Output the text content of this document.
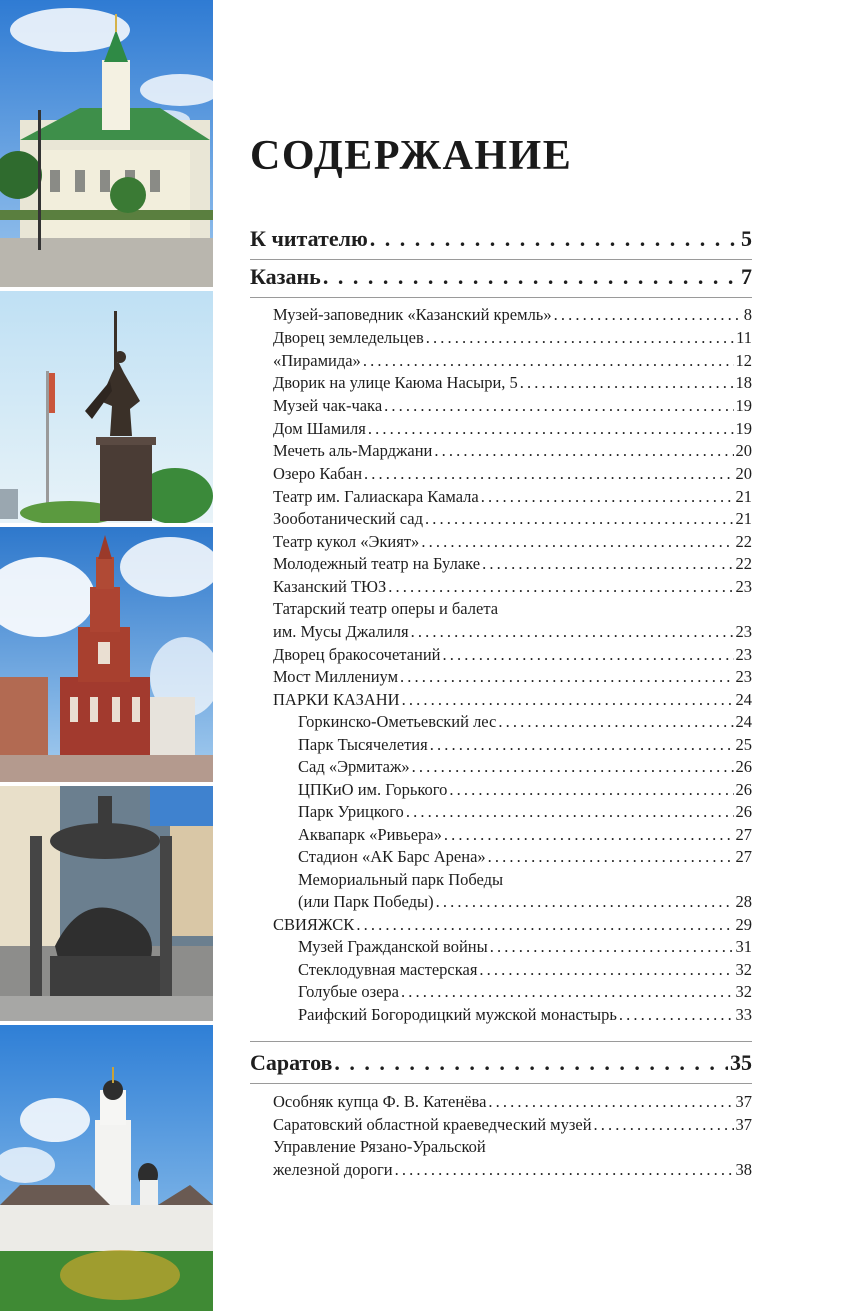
СОДЕРЖАНИЕ
К читателю . . .	5
Казань . . .	7
Музей-заповедник «Казанский кремль» . . .	8
Дворец земледельцев . . .	11
«Пирамида» . . .	12
Дворик на улице Каюма Насыри, 5 . . .	18
Музей чак-чака . . .	19
Дом Шамиля . . .	19
Мечеть аль-Марджани . . .	20
Озеро Кабан . . .	20
Театр им. Галиаскара Камала . . .	21
Зооботанический сад . . .	21
Театр кукол «Экият» . . .	22
Молодежный театр на Булаке . . .	22
Казанский ТЮЗ . . .	23
Татарский театр оперы и балета
им. Мусы Джалиля . . .	23
Дворец бракосочетаний . . .	23
Мост Миллениум . . .	23
ПАРКИ КАЗАНИ . . .	24
Горкинско-Ометьевский лес . . .	24
Парк Тысячелетия . . .	25
Сад «Эрмитаж» . . .	26
ЦПКиО им. Горького . . .	26
Парк Урицкого . . .	26
Аквапарк «Ривьера» . . .	27
Стадион «АК Барс Арена» . . .	27
Мемориальный парк Победы
(или Парк Победы) . . .	28
СВИЯЖСК . . .	29
Музей Гражданской войны . . .	31
Стеклодувная мастерская . . .	32
Голубые озера . . .	32
Раифский Богородицкий мужской монастырь . . .	33
Саратов . . .	35
Особняк купца Ф. В. Катенёва . . .	37
Саратовский областной краеведческий музей . . .	37
Управление Рязано-Уральской
железной дороги . . .	38
